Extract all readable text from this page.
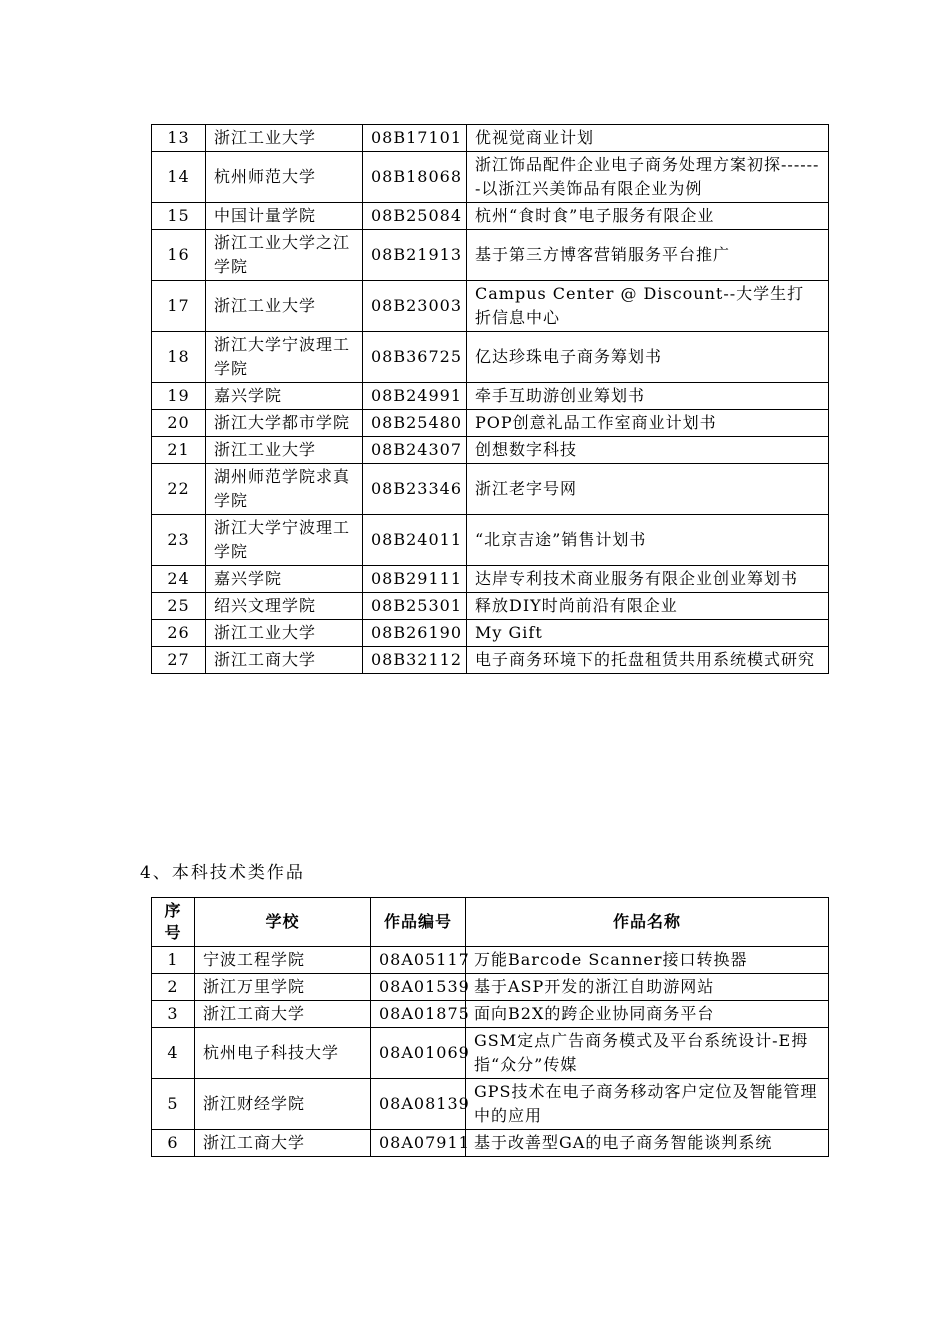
13	浙江工业大学	08B17101	优视觉商业计划
14	杭州师范大学	08B18068	浙江饰品配件企业电子商务处理方案初探-------以浙江兴美饰品有限企业为例
15	中国计量学院	08B25084	杭州“食时食”电子服务有限企业
16	浙江工业大学之江学院	08B21913	基于第三方博客营销服务平台推广
17	浙江工业大学	08B23003	Campus Center @ Discount--大学生打折信息中心
18	浙江大学宁波理工学院	08B36725	亿达珍珠电子商务筹划书
19	嘉兴学院	08B24991	牵手互助游创业筹划书
20	浙江大学都市学院	08B25480	POP创意礼品工作室商业计划书
21	浙江工业大学	08B24307	创想数字科技
22	湖州师范学院求真学院	08B23346	浙江老字号网
23	浙江大学宁波理工学院	08B24011	“北京吉途”销售计划书
24	嘉兴学院	08B29111	达岸专利技术商业服务有限企业创业筹划书
25	绍兴文理学院	08B25301	释放DIY时尚前沿有限企业
26	浙江工业大学	08B26190	My Gift
27	浙江工商大学	08B32112	电子商务环境下的托盘租赁共用系统模式研究
4、本科技术类作品
序号	学校	作品编号	作品名称
1	宁波工程学院	08A05117	万能Barcode Scanner接口转换器
2	浙江万里学院	08A01539	基于ASP开发的浙江自助游网站
3	浙江工商大学	08A01875	面向B2X的跨企业协同商务平台
4	杭州电子科技大学	08A01069	GSM定点广告商务模式及平台系统设计-E拇指“众分”传媒
5	浙江财经学院	08A08139	GPS技术在电子商务移动客户定位及智能管理中的应用
6	浙江工商大学	08A07911	基于改善型GA的电子商务智能谈判系统
